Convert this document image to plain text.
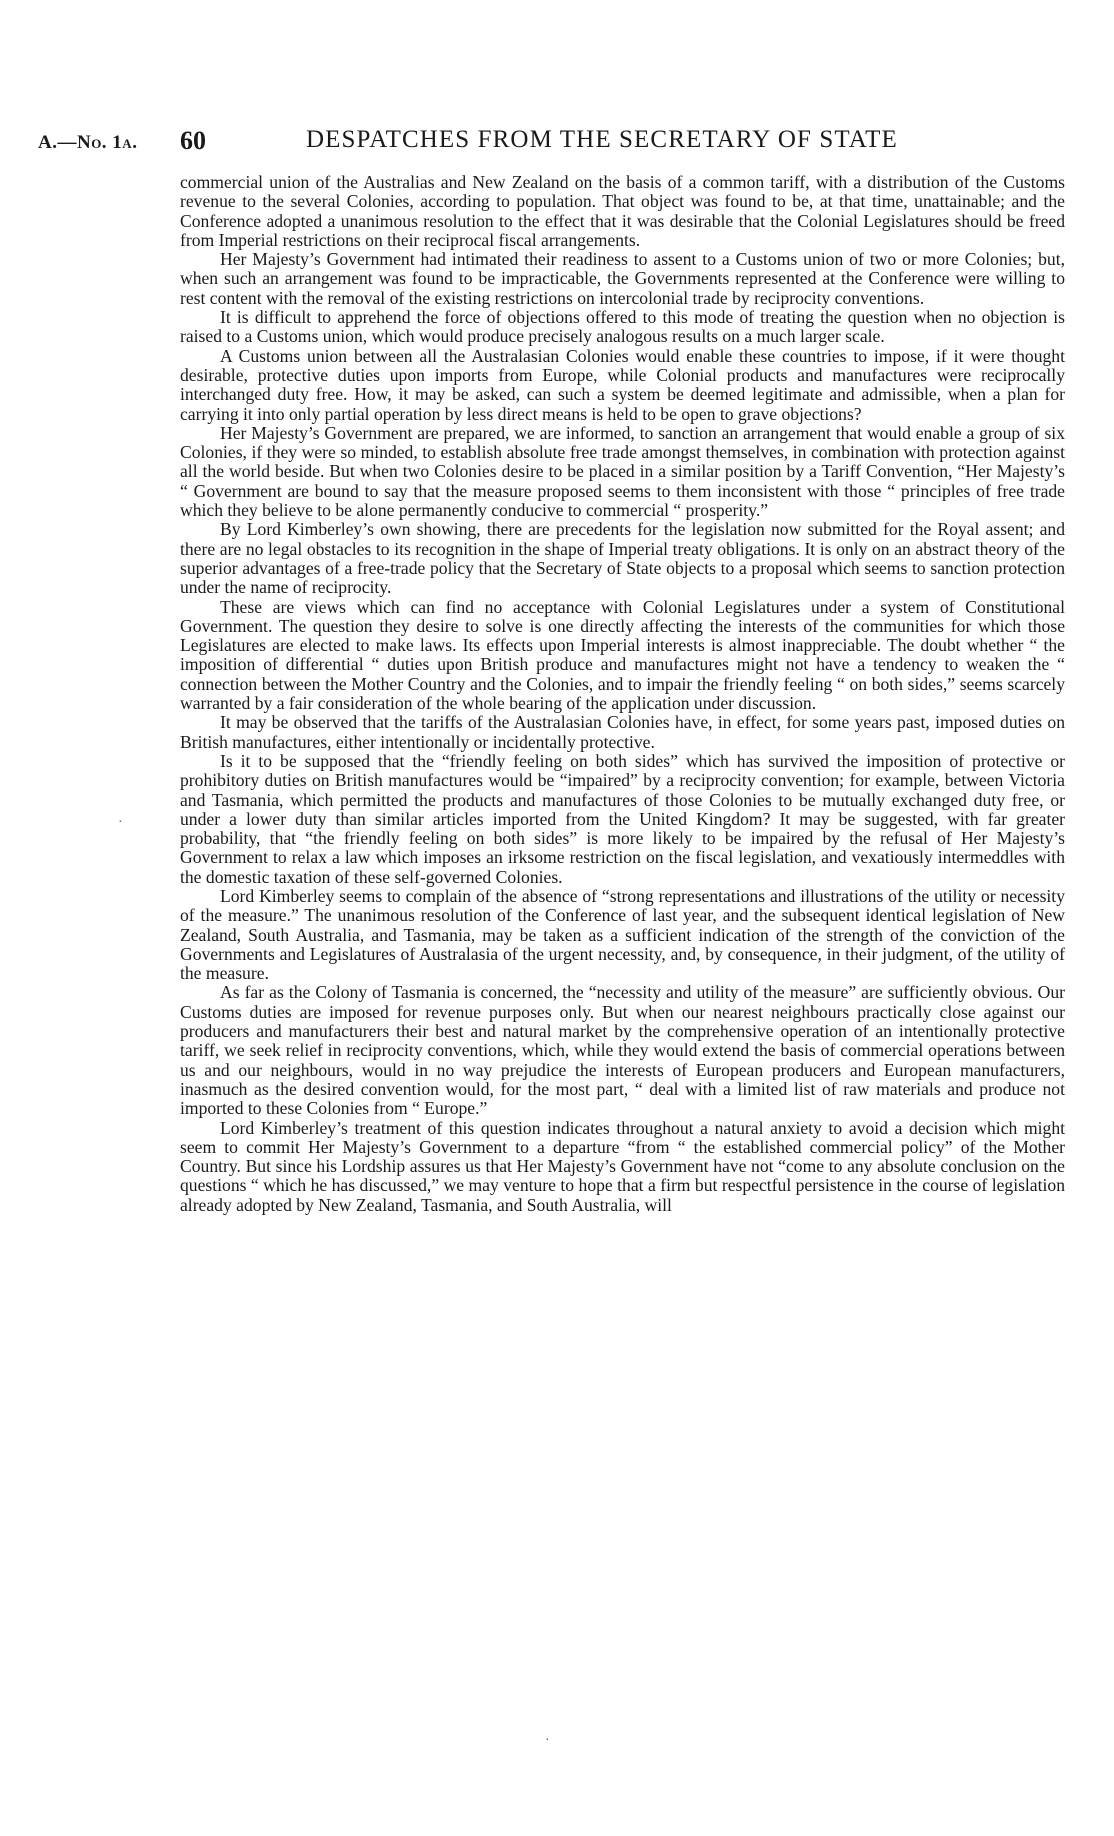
A.—No. 1a. 60	DESPATCHES FROM THE SECRETARY OF STATE

commercial union of the Australias and New Zealand on the basis of a common tariff, with a distribution of the Customs revenue to the several Colonies, according to population. That object was found to be, at that time, unattainable; and the Conference adopted a unanimous resolution to the effect that it was desirable that the Colonial Legislatures should be freed from Imperial restrictions on their reciprocal fiscal arrangements.

Her Majesty’s Government had intimated their readiness to assent to a Customs union of two or more Colonies; but, when such an arrangement was found to be impracticable, the Governments represented at the Conference were willing to rest content with the removal of the existing restrictions on intercolonial trade by reciprocity conventions.

It is difficult to apprehend the force of objections offered to this mode of treating the question when no objection is raised to a Customs union, which would produce precisely analogous results on a much larger scale.

A Customs union between all the Australasian Colonies would enable these countries to impose, if it were thought desirable, protective duties upon imports from Europe, while Colonial products and manufactures were reciprocally interchanged duty free. How, it may be asked, can such a system be deemed legitimate and admissible, when a plan for carrying it into only partial operation by less direct means is held to be open to grave objections?

Her Majesty’s Government are prepared, we are informed, to sanction an arrangement that would enable a group of six Colonies, if they were so minded, to establish absolute free trade amongst themselves, in combination with protection against all the world beside. But when two Colonies desire to be placed in a similar position by a Tariff Convention, “Her Majesty’s “ Government are bound to say that the measure proposed seems to them inconsistent with those “ principles of free trade which they believe to be alone permanently conducive to commercial “ prosperity.”

By Lord Kimberley’s own showing, there are precedents for the legislation now submitted for the Royal assent; and there are no legal obstacles to its recognition in the shape of Imperial treaty obligations. It is only on an abstract theory of the superior advantages of a free-trade policy that the Secretary of State objects to a proposal which seems to sanction protection under the name of reciprocity.

These are views which can find no acceptance with Colonial Legislatures under a system of Constitutional Government. The question they desire to solve is one directly affecting the interests of the communities for which those Legislatures are elected to make laws. Its effects upon Imperial interests is almost inappreciable. The doubt whether “ the imposition of differential “ duties upon British produce and manufactures might not have a tendency to weaken the “ connection between the Mother Country and the Colonies, and to impair the friendly feeling “ on both sides,” seems scarcely warranted by a fair consideration of the whole bearing of the application under discussion.

It may be observed that the tariffs of the Australasian Colonies have, in effect, for some years past, imposed duties on British manufactures, either intentionally or incidentally protective.

Is it to be supposed that the “friendly feeling on both sides” which has survived the imposition of protective or prohibitory duties on British manufactures would be “impaired” by a reciprocity convention; for example, between Victoria and Tasmania, which permitted the products and manufactures of those Colonies to be mutually exchanged duty free, or under a lower duty than similar articles imported from the United Kingdom? It may be suggested, with far greater probability, that “the friendly feeling on both sides” is more likely to be impaired by the refusal of Her Majesty’s Government to relax a law which imposes an irksome restriction on the fiscal legislation, and vexatiously intermeddles with the domestic taxation of these self-governed Colonies.

Lord Kimberley seems to complain of the absence of “strong representations and illustrations of the utility or necessity of the measure.” The unanimous resolution of the Conference of last year, and the subsequent identical legislation of New Zealand, South Australia, and Tasmania, may be taken as a sufficient indication of the strength of the conviction of the Governments and Legislatures of Australasia of the urgent necessity, and, by consequence, in their judgment, of the utility of the measure.

As far as the Colony of Tasmania is concerned, the “necessity and utility of the measure” are sufficiently obvious. Our Customs duties are imposed for revenue purposes only. But when our nearest neighbours practically close against our producers and manufacturers their best and natural market by the comprehensive operation of an intentionally protective tariff, we seek relief in reciprocity conventions, which, while they would extend the basis of commercial operations between us and our neighbours, would in no way prejudice the interests of European producers and European manufacturers, inasmuch as the desired convention would, for the most part, “ deal with a limited list of raw materials and produce not imported to these Colonies from “ Europe.”

Lord Kimberley’s treatment of this question indicates throughout a natural anxiety to avoid a decision which might seem to commit Her Majesty’s Government to a departure “from “ the established commercial policy” of the Mother Country. But since his Lordship assures us that Her Majesty’s Government have not “come to any absolute conclusion on the questions “ which he has discussed,” we may venture to hope that a firm but respectful persistence in the course of legislation already adopted by New Zealand, Tasmania, and South Australia, will

·
·
